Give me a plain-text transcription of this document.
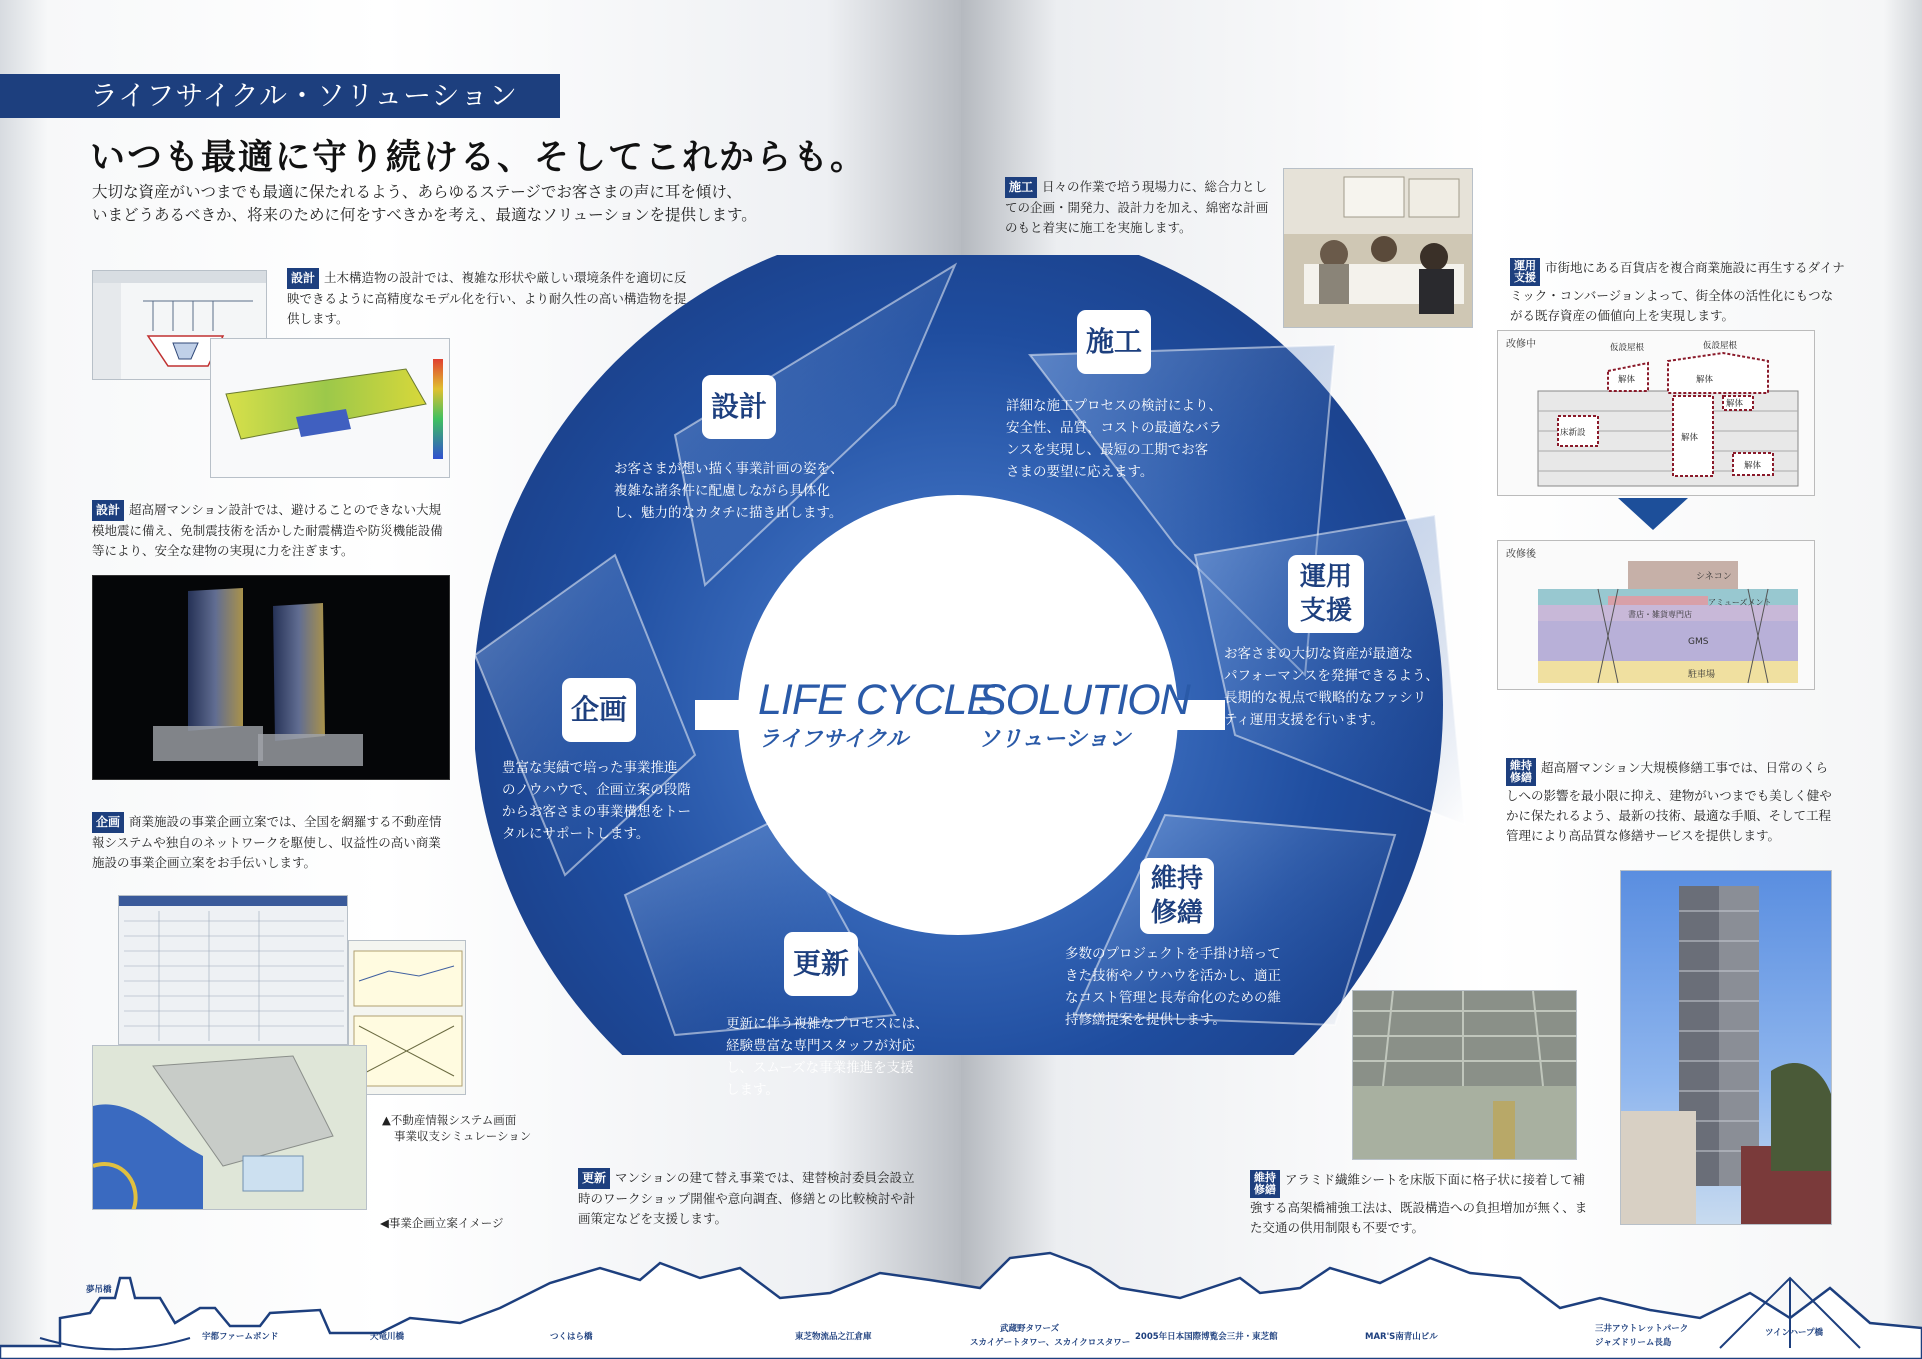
ライフサイクル・ソリューション
いつも最適に守り続ける、そしてこれからも。
大切な資産がいつまでも最適に保たれるよう、あらゆるステージでお客さまの声に耳を傾け、
いまどうあるべきか、将来のために何をすべきかを考え、最適なソリューションを提供します。
設計 土木構造物の設計では、複雑な形状や厳しい環境条件を適切に反映できるように高精度なモデル化を行い、より耐久性の高い構造物を提供します。
設計 超高層マンション設計では、避けることのできない大規模地震に備え、免制震技術を活かした耐震構造や防災機能設備等により、安全な建物の実現に力を注ぎます。
企画 商業施設の事業企画立案では、全国を網羅する不動産情報システムや独自のネットワークを駆使し、収益性の高い商業施設の事業企画立案をお手伝いします。
▲不動産情報システム画面
事業収支シミュレーション
◀事業企画立案イメージ
更新 マンションの建て替え事業では、建替検討委員会設立時のワークショップ開催や意向調査、修繕との比較検討や計画策定などを支援します。
LIFE CYCLE
SOLUTION
ライフサイクル	ソリューション
設計
施工
運用
支援
維持
修繕
更新
企画
お客さまが想い描く事業計画の姿を、
複雑な諸条件に配慮しながら具体化
し、魅力的なカタチに描き出します。
詳細な施工プロセスの検討により、
安全性、品質、コストの最適なバラ
ンスを実現し、最短の工期でお客
さまの要望に応えます。
お客さまの大切な資産が最適な
パフォーマンスを発揮できるよう、
長期的な視点で戦略的なファシリ
ティ運用支援を行います。
多数のプロジェクトを手掛け培って
きた技術やノウハウを活かし、適正
なコスト管理と長寿命化のための維
持修繕提案を提供します。
更新に伴う複雑なプロセスには、
経験豊富な専門スタッフが対応
し、スムーズな事業推進を支援
します。
豊富な実績で培った事業推進
のノウハウで、企画立案の段階
からお客さまの事業構想をトー
タルにサポートします。
施工 日々の作業で培う現場力に、総合力としての企画・開発力、設計力を加え、綿密な計画のもと着実に施工を実施します。
運用
支援市街地にある百貨店を複合商業施設に再生するダイナミック・コンバージョンよって、街全体の活性化にもつながる既存資産の価値向上を実現します。
改修中	仮設屋根	仮設屋根
解体	解体
解体
床新設
解体
解体
改修後
シネコン
アミューズメント
書店・雑貨専門店
GMS
駐車場
維持
修繕超高層マンション大規模修繕工事では、日常のくらしへの影響を最小限に抑え、建物がいつまでも美しく健やかに保たれるよう、最新の技術、最適な手順、そして工程管理により高品質な修繕サービスを提供します。
維持
修繕アラミド繊維シートを床版下面に格子状に接着して補強する高架橋補強工法は、既設構造への負担増加が無く、また交通の供用制限も不要です。
夢吊橋
宇都ファームボンド	天竜川橋	つくはら橋	東芝物流品之江倉庫
武蔵野タワーズ
スカイゲートタワー、スカイクロスタワー
2005年日本国際博覧会三井・東芝館	MAR'S南青山ビル
三井アウトレットパーク
ジャズドリーム長島
ツインハープ橋
